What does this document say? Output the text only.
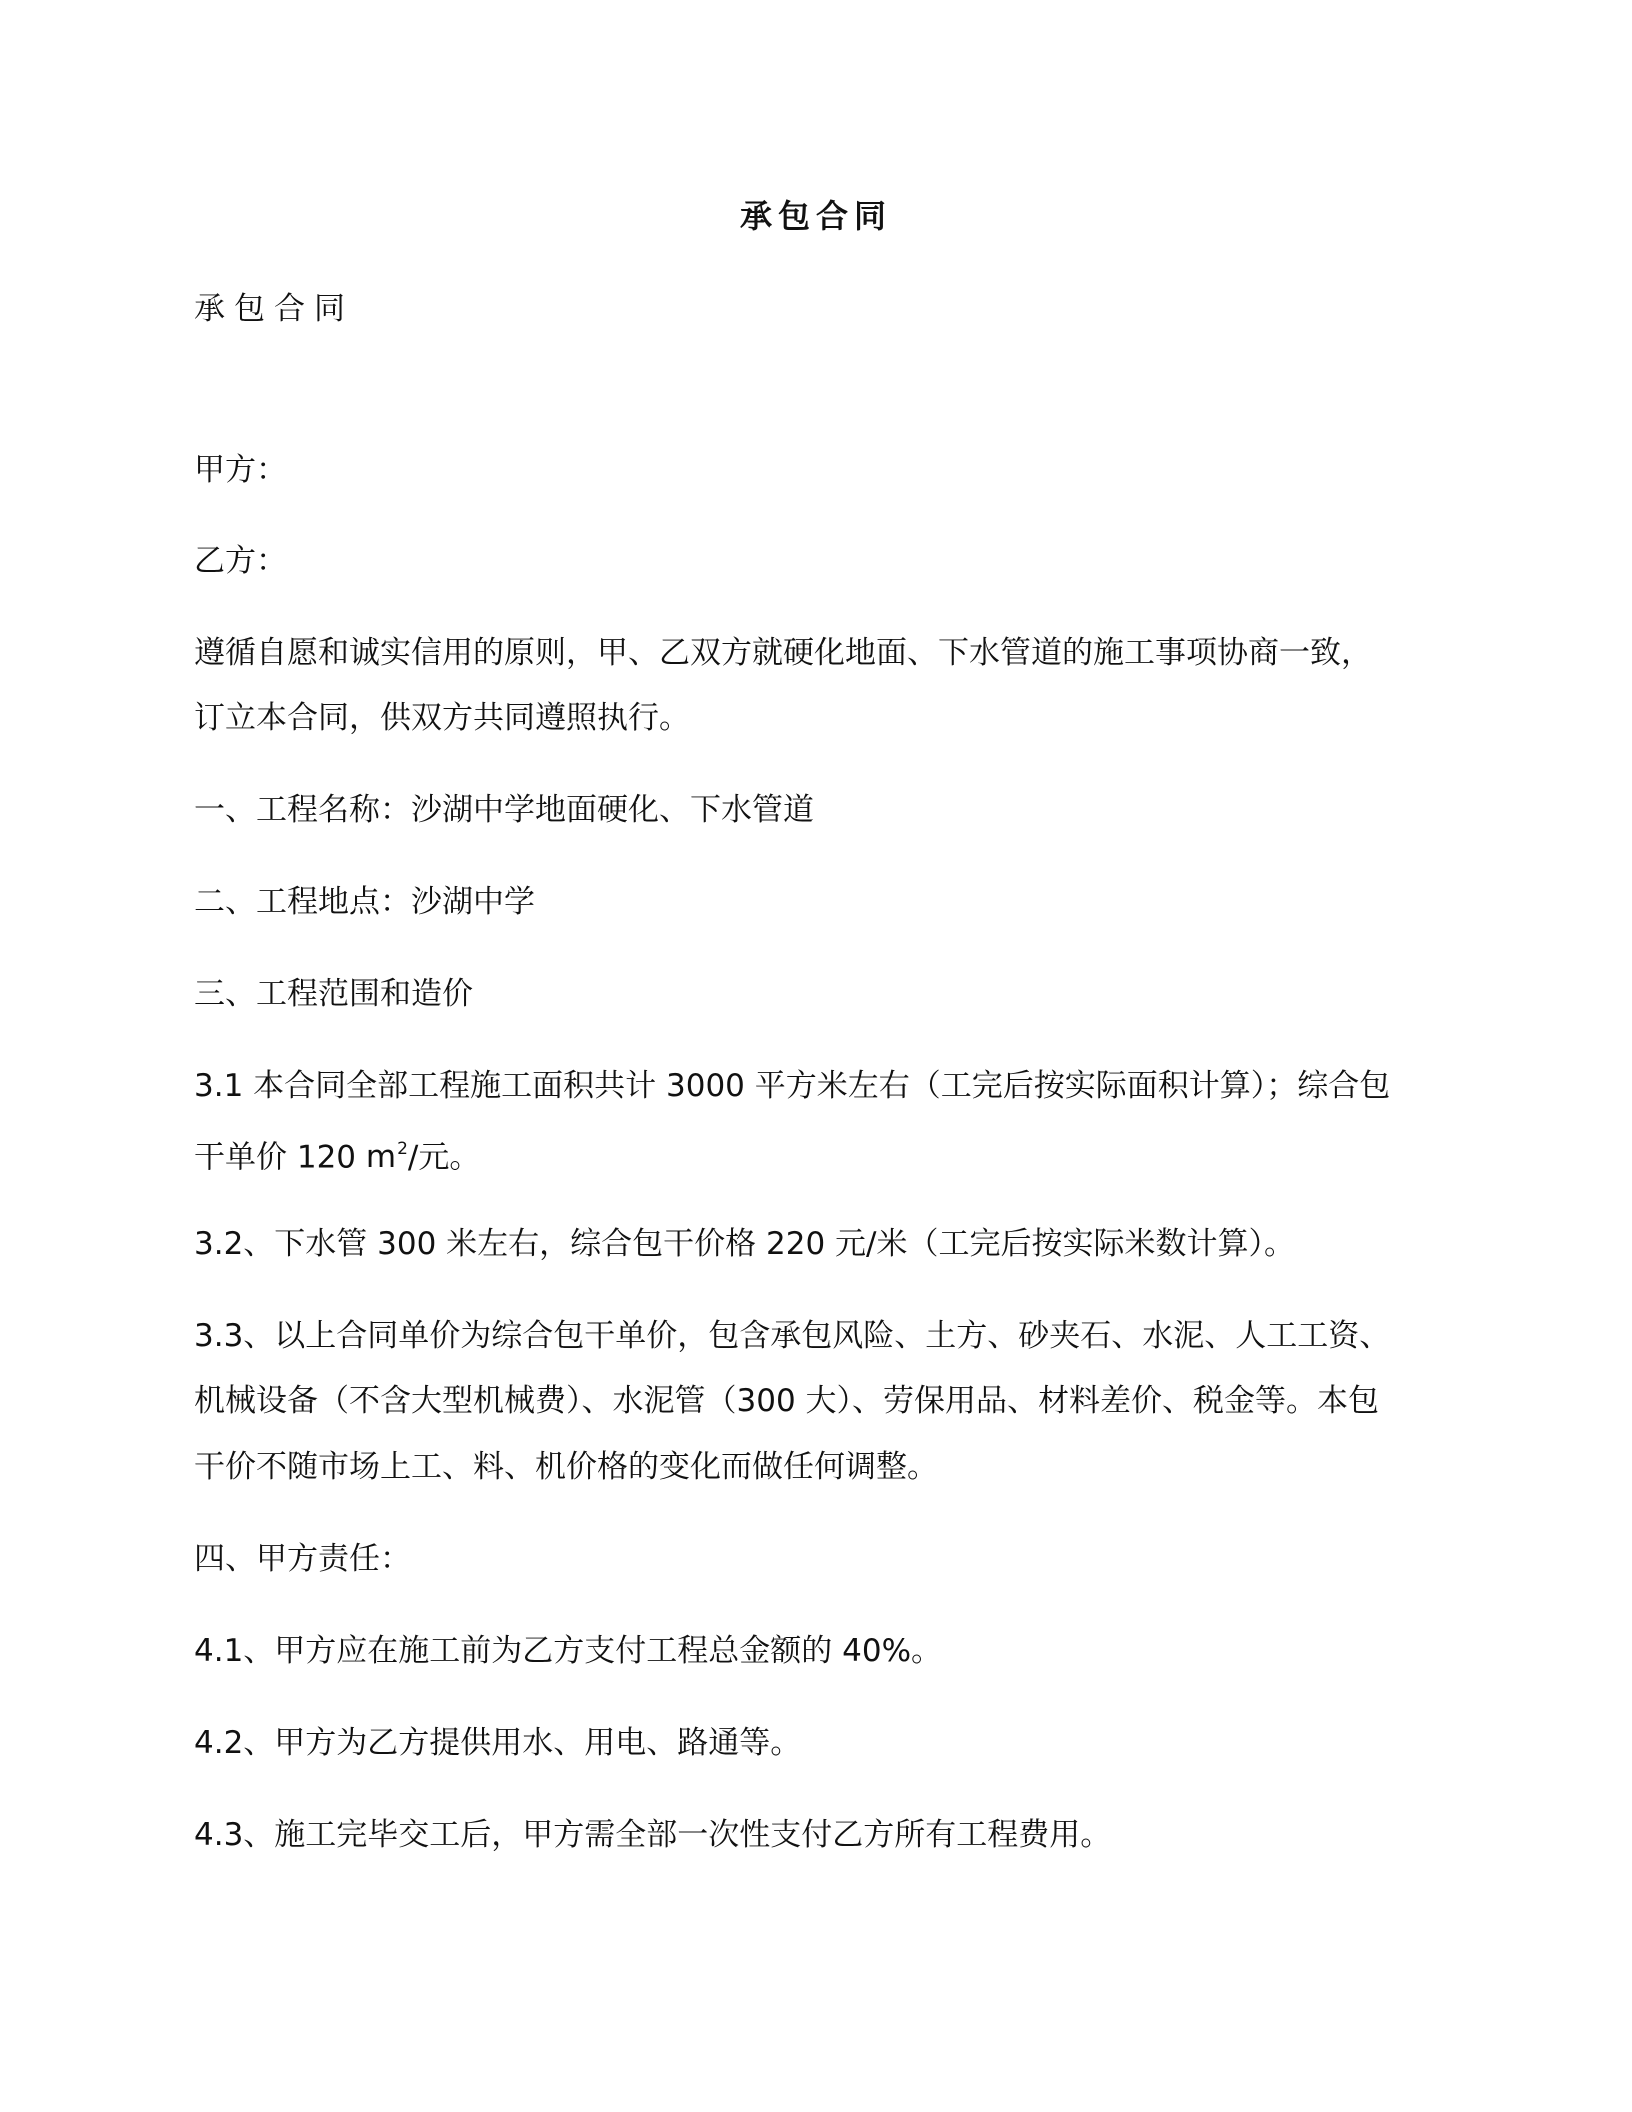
承包合同
承包合同
甲方：
乙方：
遵循自愿和诚实信用的原则，甲、乙双方就硬化地面、下水管道的施工事项协商一致，
订立本合同，供双方共同遵照执行。
一、工程名称：沙湖中学地面硬化、下水管道
二、工程地点：沙湖中学
三、工程范围和造价
3.1 本合同全部工程施工面积共计 3000 平方米左右（工完后按实际面积计算）；综合包
干单价 120 $m^2/$元。
3.2、下水管 300 米左右，综合包干价格 220 元/米（工完后按实际米数计算）。
3.3、以上合同单价为综合包干单价，包含承包风险、土方、砂夹石、水泥、人工工资、
机械设备（不含大型机械费）、水泥管（300 大）、劳保用品、材料差价、税金等。本包
干价不随市场上工、料、机价格的变化而做任何调整。
四、甲方责任：
4.1、甲方应在施工前为乙方支付工程总金额的 40%。
4.2、甲方为乙方提供用水、用电、路通等。
4.3、施工完毕交工后，甲方需全部一次性支付乙方所有工程费用。
